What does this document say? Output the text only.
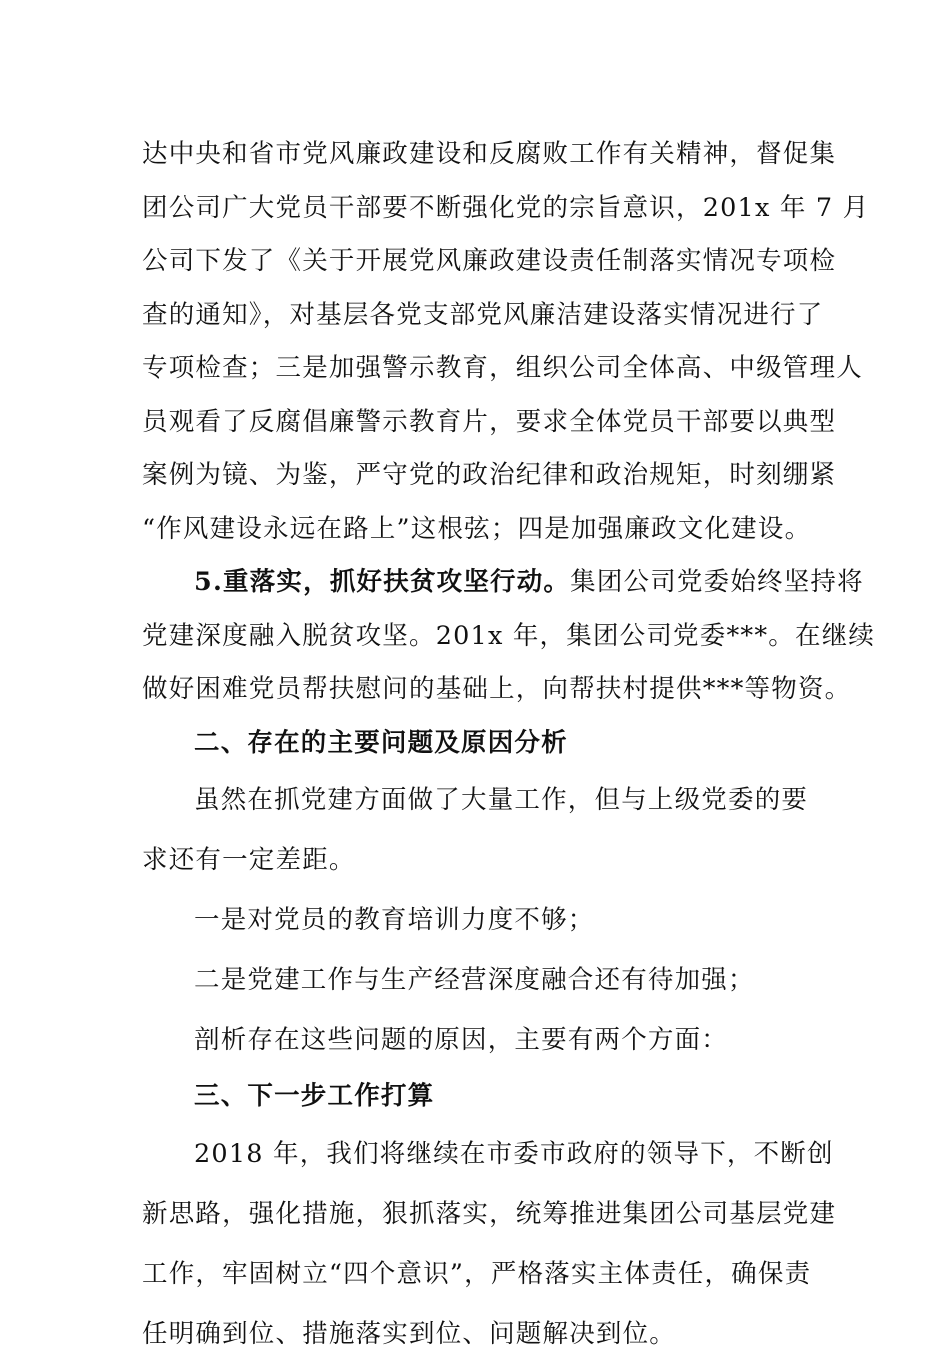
达中央和省市党风廉政建设和反腐败工作有关精神，督促集
团公司广大党员干部要不断强化党的宗旨意识，201x 年 7 月
公司下发了《关于开展党风廉政建设责任制落实情况专项检
查的通知》，对基层各党支部党风廉洁建设落实情况进行了
专项检查；三是加强警示教育，组织公司全体高、中级管理人
员观看了反腐倡廉警示教育片，要求全体党员干部要以典型
案例为镜、为鉴，严守党的政治纪律和政治规矩，时刻绷紧
“作风建设永远在路上”这根弦；四是加强廉政文化建设。
5.重落实，抓好扶贫攻坚行动。集团公司党委始终坚持将
党建深度融入脱贫攻坚。201x 年，集团公司党委***。在继续
做好困难党员帮扶慰问的基础上，向帮扶村提供***等物资。
二、存在的主要问题及原因分析
虽然在抓党建方面做了大量工作，但与上级党委的要
求还有一定差距。
一是对党员的教育培训力度不够；
二是党建工作与生产经营深度融合还有待加强；
剖析存在这些问题的原因，主要有两个方面：
三、下一步工作打算
2018 年，我们将继续在市委市政府的领导下，不断创
新思路，强化措施，狠抓落实，统筹推进集团公司基层党建
工作，牢固树立“四个意识”，严格落实主体责任，确保责
任明确到位、措施落实到位、问题解决到位。
